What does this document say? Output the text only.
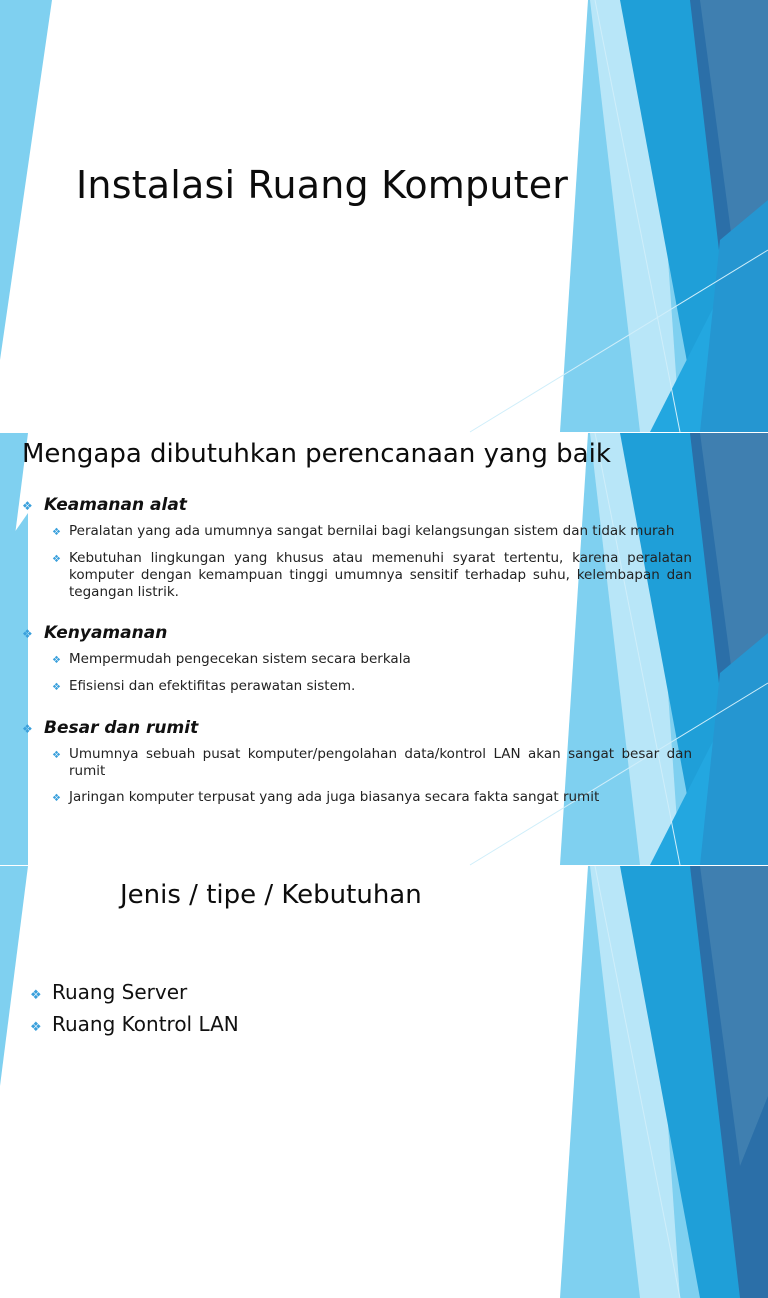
Instalasi Ruang Komputer
Mengapa dibutuhkan perencanaan yang baik
❖ Keamanan alat
❖ Peralatan yang ada umumnya sangat bernilai bagi kelangsungan sistem dan tidak murah
❖ Kebutuhan lingkungan yang khusus atau memenuhi syarat tertentu, karena peralatan komputer dengan kemampuan tinggi umumnya sensitif terhadap suhu, kelembapan dan tegangan listrik.
❖ Kenyamanan
❖ Mempermudah pengecekan sistem secara berkala
❖ Efisiensi dan efektifitas perawatan sistem.
❖ Besar dan rumit
❖ Umumnya sebuah pusat komputer/pengolahan data/kontrol LAN akan sangat besar dan rumit
❖ Jaringan komputer terpusat yang ada juga biasanya secara fakta sangat rumit
Jenis / tipe / Kebutuhan
❖ Ruang Server
❖ Ruang Kontrol LAN
